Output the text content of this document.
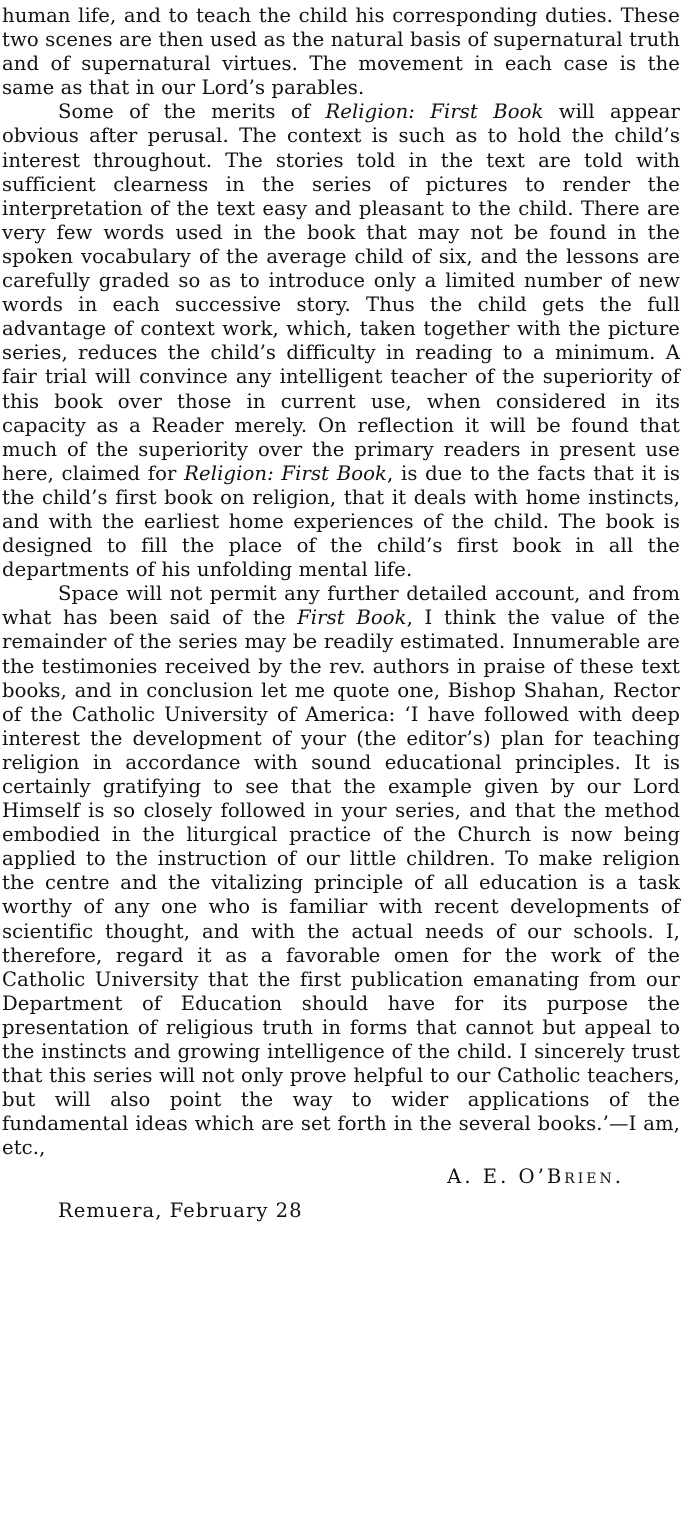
human life, and to teach the child his corresponding duties. These two scenes are then used as the natural basis of supernatural truth and of supernatural virtues. The movement in each case is the same as that in our Lord’s parables.

Some of the merits of Religion: First Book will appear obvious after perusal. The context is such as to hold the child’s interest throughout. The stories told in the text are told with sufficient clearness in the series of pictures to render the interpretation of the text easy and pleasant to the child. There are very few words used in the book that may not be found in the spoken vocabulary of the average child of six, and the lessons are carefully graded so as to introduce only a limited number of new words in each successive story. Thus the child gets the full advantage of context work, which, taken together with the picture series, reduces the child’s difficulty in reading to a minimum. A fair trial will convince any intelligent teacher of the superiority of this book over those in current use, when considered in its capacity as a Reader merely. On reflection it will be found that much of the superiority over the primary readers in present use here, claimed for Religion: First Book, is due to the facts that it is the child’s first book on religion, that it deals with home instincts, and with the earliest home experiences of the child. The book is designed to fill the place of the child’s first book in all the departments of his unfolding mental life.

Space will not permit any further detailed account, and from what has been said of the First Book, I think the value of the remainder of the series may be readily estimated. Innumerable are the testimonies received by the rev. authors in praise of these text books, and in conclusion let me quote one, Bishop Shahan, Rector of the Catholic University of America: ‘I have followed with deep interest the development of your (the editor’s) plan for teaching religion in accordance with sound educational principles. It is certainly gratifying to see that the example given by our Lord Himself is so closely followed in your series, and that the method embodied in the liturgical practice of the Church is now being applied to the instruction of our little children. To make religion the centre and the vitalizing principle of all education is a task worthy of any one who is familiar with recent developments of scientific thought, and with the actual needs of our schools. I, therefore, regard it as a favorable omen for the work of the Catholic University that the first publication emanating from our Department of Education should have for its purpose the presentation of religious truth in forms that cannot but appeal to the instincts and growing intelligence of the child. I sincerely trust that this series will not only prove helpful to our Catholic teachers, but will also point the way to wider applications of the fundamental ideas which are set forth in the several books.’—I am, etc.,

A. E. O’Brien.

Remuera, February 28
